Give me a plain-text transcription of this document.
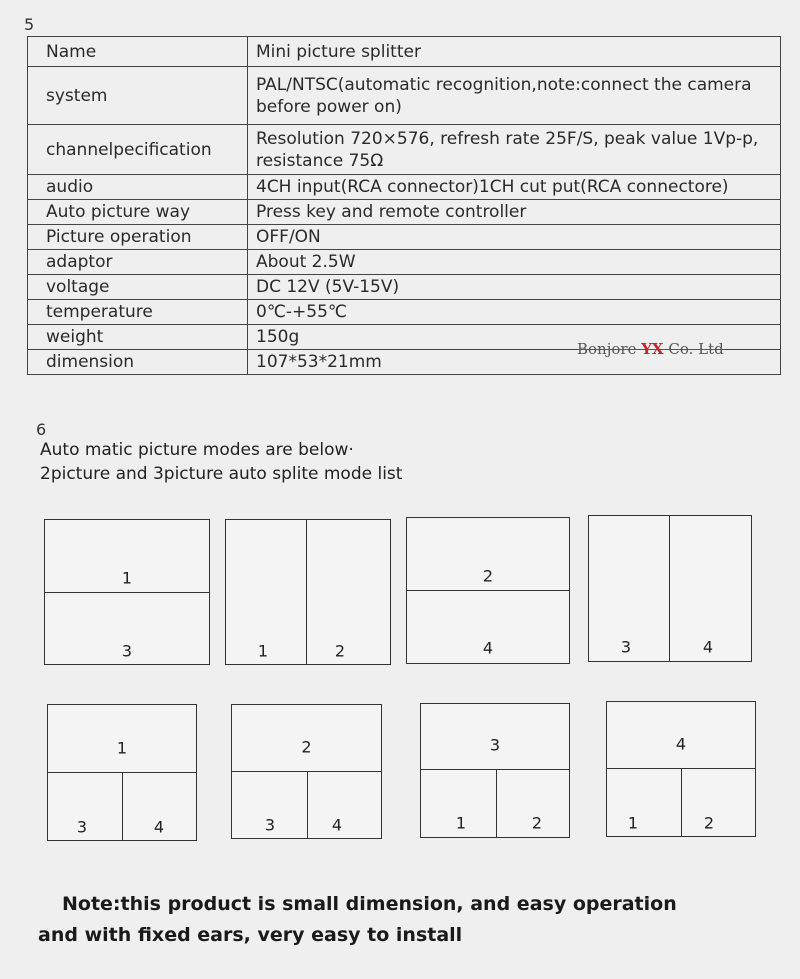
5
Name	Mini picture splitter
system	PAL/NTSC(automatic recognition,note:connect the camera before power on)
channelpecification	Resolution 720×576, refresh rate 25F/S, peak value 1Vp-p, resistance 75Ω
audio	4CH input(RCA connector)1CH cut put(RCA connectore)
Auto picture way	Press key and remote controller
Picture operation	OFF/ON
adaptor	About 2.5W
voltage	DC 12V (5V-15V)
temperature	0℃-+55℃
weight	150g
dimension	107*53*21mm
Bonjore YX Co. Ltd
6
Auto matic picture modes are below·
2picture and 3picture auto splite mode list
1
3	1	2
2
4	3	4
1
3	4
2
3	4
3
1	2
4
1	2
Note:this product is small dimension, and easy operation
and with fixed ears, very easy to install
